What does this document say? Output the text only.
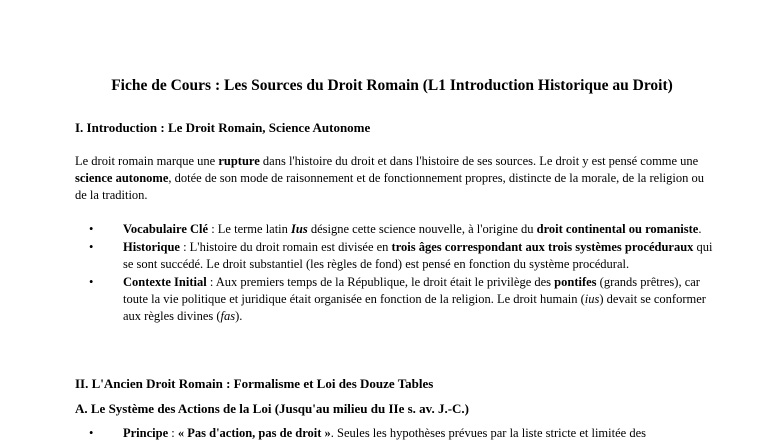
Fiche de Cours : Les Sources du Droit Romain (L1 Introduction Historique au Droit)
I. Introduction : Le Droit Romain, Science Autonome
Le droit romain marque une rupture dans l'histoire du droit et dans l'histoire de ses sources. Le droit y est pensé comme une science autonome, dotée de son mode de raisonnement et de fonctionnement propres, distincte de la morale, de la religion ou de la tradition.
• Vocabulaire Clé : Le terme latin Ius désigne cette science nouvelle, à l'origine du droit continental ou romaniste.
• Historique : L'histoire du droit romain est divisée en trois âges correspondant aux trois systèmes procéduraux qui se sont succédé. Le droit substantiel (les règles de fond) est pensé en fonction du système procédural.
• Contexte Initial : Aux premiers temps de la République, le droit était le privilège des pontifes (grands prêtres), car toute la vie politique et juridique était organisée en fonction de la religion. Le droit humain (ius) devait se conformer aux règles divines (fas).
II. L'Ancien Droit Romain : Formalisme et Loi des Douze Tables
A. Le Système des Actions de la Loi (Jusqu'au milieu du IIe s. av. J.-C.)
• Principe : « Pas d'action, pas de droit ». Seules les hypothèses prévues par la liste stricte et limitée des
